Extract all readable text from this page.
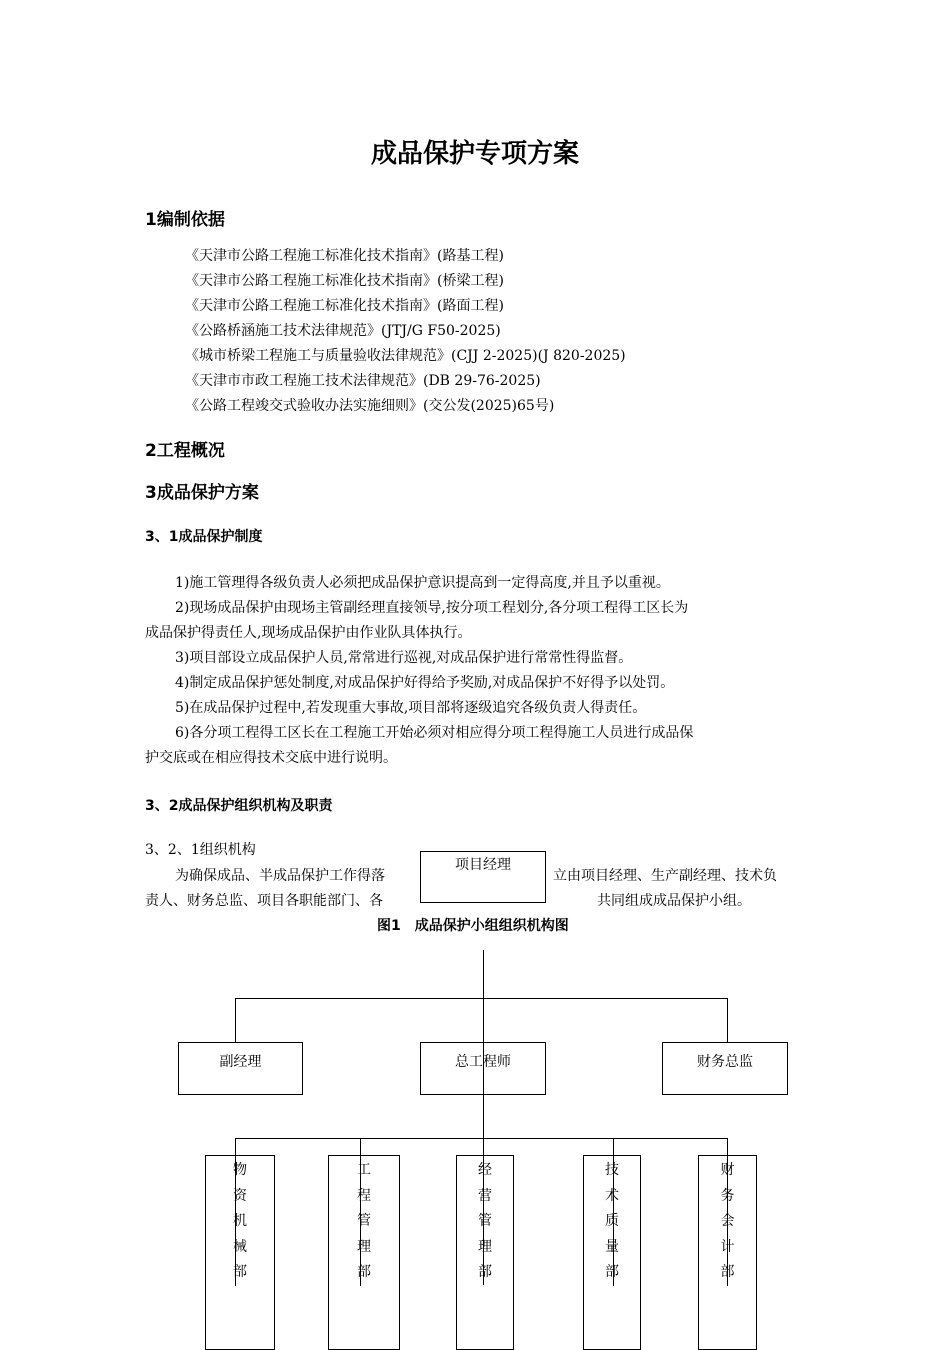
成品保护专项方案
1编制依据
《天津市公路工程施工标准化技术指南》(路基工程)
《天津市公路工程施工标准化技术指南》(桥梁工程)
《天津市公路工程施工标准化技术指南》(路面工程)
《公路桥涵施工技术法律规范》(JTJ/G F50-2025)
《城市桥梁工程施工与质量验收法律规范》(CJJ 2-2025)(J 820-2025)
《天津市市政工程施工技术法律规范》(DB 29-76-2025)
《公路工程竣交式验收办法实施细则》(交公发(2025)65号)
2工程概况
3成品保护方案
3、1成品保护制度
1)施工管理得各级负责人必须把成品保护意识提高到一定得高度,并且予以重视。
2)现场成品保护由现场主管副经理直接领导,按分项工程划分,各分项工程得工区长为
成品保护得责任人,现场成品保护由作业队具体执行。
3)项目部设立成品保护人员,常常进行巡视,对成品保护进行常常性得监督。
4)制定成品保护惩处制度,对成品保护好得给予奖励,对成品保护不好得予以处罚。
5)在成品保护过程中,若发现重大事故,项目部将逐级追究各级负责人得责任。
6)各分项工程得工区长在工程施工开始必须对相应得分项工程得施工人员进行成品保
护交底或在相应得技术交底中进行说明。
3、2成品保护组织机构及职责
3、2、1组织机构
为确保成品、半成品保护工作得落	立由项目经理、生产副经理、技术负
责人、财务总监、项目各职能部门、各	共同组成成品保护小组。
图1　成品保护小组组织机构图
项目经理
副经理	总工程师	财务总监
物
资
机
械
部
工
程
管
理
部
经
营
管
理
部
技
术
质
量
部
财
务
会
计
部
